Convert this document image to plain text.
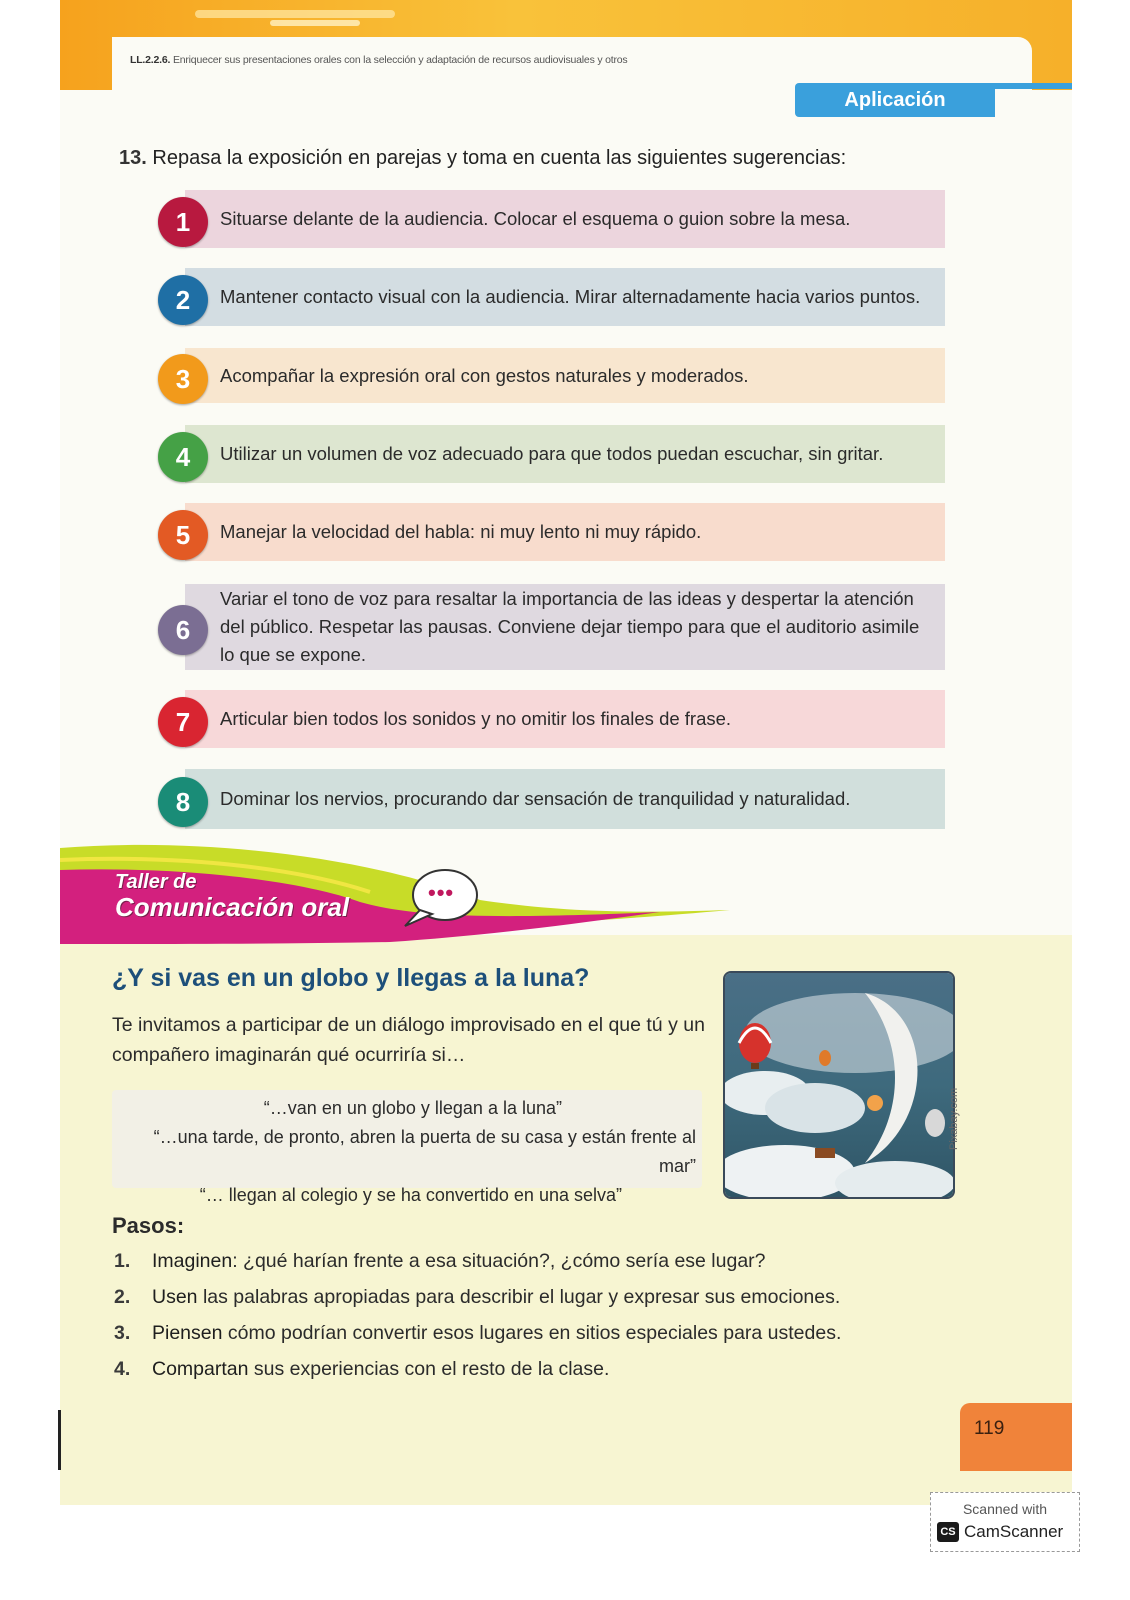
LL.2.2.6. Enriquecer sus presentaciones orales con la selección y adaptación de recursos audiovisuales y otros
Aplicación
13. Repasa la exposición en parejas y toma en cuenta las siguientes sugerencias:
1	Situarse delante de la audiencia. Colocar el esquema o guion sobre la mesa.
2	Mantener contacto visual con la audiencia. Mirar alternadamente hacia varios puntos.
3	Acompañar la expresión oral con gestos naturales y moderados.
4	Utilizar un volumen de voz adecuado para que todos puedan escuchar, sin gritar.
5	Manejar la velocidad del habla: ni muy lento ni muy rápido.
6
Variar el tono de voz para resaltar la importancia de las ideas y despertar la atención del público. Respetar las pausas. Conviene dejar tiempo para que el auditorio asimile lo que se expone.
7	Articular bien todos los sonidos y no omitir los finales de frase.
8	Dominar los nervios, procurando dar sensación de tranquilidad y naturalidad.
•••
Taller de
Comunicación oral
¿Y si vas en un globo y llegas a la luna?
Te invitamos a participar de un diálogo improvisado en el que tú y un compañero imaginarán qué ocurriría si…
“…van en un globo y llegan a la luna”
“…una tarde, de pronto, abren la puerta de su casa y están frente al mar”
“… llegan al colegio y se ha convertido en una selva”
Pixabay.com
Pasos:
1. Imaginen: ¿qué harían frente a esa situación?, ¿cómo sería ese lugar?
2. Usen las palabras apropiadas para describir el lugar y expresar sus emociones.
3. Piensen cómo podrían convertir esos lugares en sitios especiales para ustedes.
4. Compartan sus experiencias con el resto de la clase.
119
Scanned with
CS CamScanner
